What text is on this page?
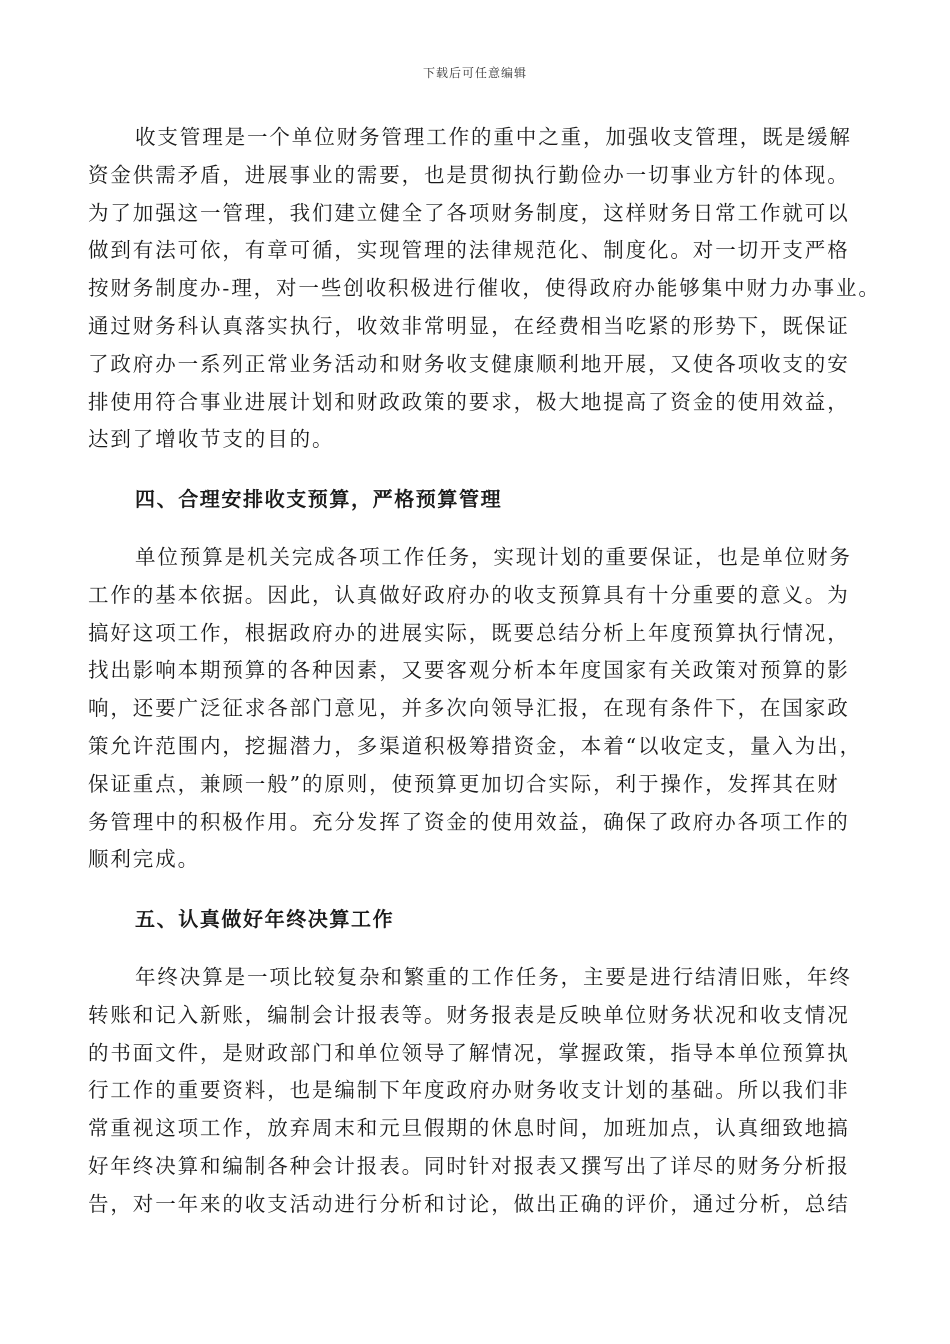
下载后可任意编辑
收支管理是一个单位财务管理工作的重中之重，加强收支管理，既是缓解
资金供需矛盾，进展事业的需要，也是贯彻执行勤俭办一切事业方针的体现。
为了加强这一管理，我们建立健全了各项财务制度，这样财务日常工作就可以
做到有法可依，有章可循，实现管理的法律规范化、制度化。对一切开支严格
按财务制度办-理，对一些创收积极进行催收，使得政府办能够集中财力办事业。
通过财务科认真落实执行，收效非常明显，在经费相当吃紧的形势下，既保证
了政府办一系列正常业务活动和财务收支健康顺利地开展，又使各项收支的安
排使用符合事业进展计划和财政政策的要求，极大地提高了资金的使用效益，
达到了增收节支的目的。
四、合理安排收支预算，严格预算管理
单位预算是机关完成各项工作任务，实现计划的重要保证，也是单位财务
工作的基本依据。因此，认真做好政府办的收支预算具有十分重要的意义。为
搞好这项工作，根据政府办的进展实际，既要总结分析上年度预算执行情况，
找出影响本期预算的各种因素，又要客观分析本年度国家有关政策对预算的影
响，还要广泛征求各部门意见，并多次向领导汇报，在现有条件下，在国家政
策允许范围内，挖掘潜力，多渠道积极筹措资金，本着“以收定支，量入为出，
保证重点，兼顾一般”的原则，使预算更加切合实际，利于操作，发挥其在财
务管理中的积极作用。充分发挥了资金的使用效益，确保了政府办各项工作的
顺利完成。
五、认真做好年终决算工作
年终决算是一项比较复杂和繁重的工作任务，主要是进行结清旧账，年终
转账和记入新账，编制会计报表等。财务报表是反映单位财务状况和收支情况
的书面文件，是财政部门和单位领导了解情况，掌握政策，指导本单位预算执
行工作的重要资料，也是编制下年度政府办财务收支计划的基础。所以我们非
常重视这项工作，放弃周末和元旦假期的休息时间，加班加点，认真细致地搞
好年终决算和编制各种会计报表。同时针对报表又撰写出了详尽的财务分析报
告，对一年来的收支活动进行分析和讨论，做出正确的评价，通过分析，总结
